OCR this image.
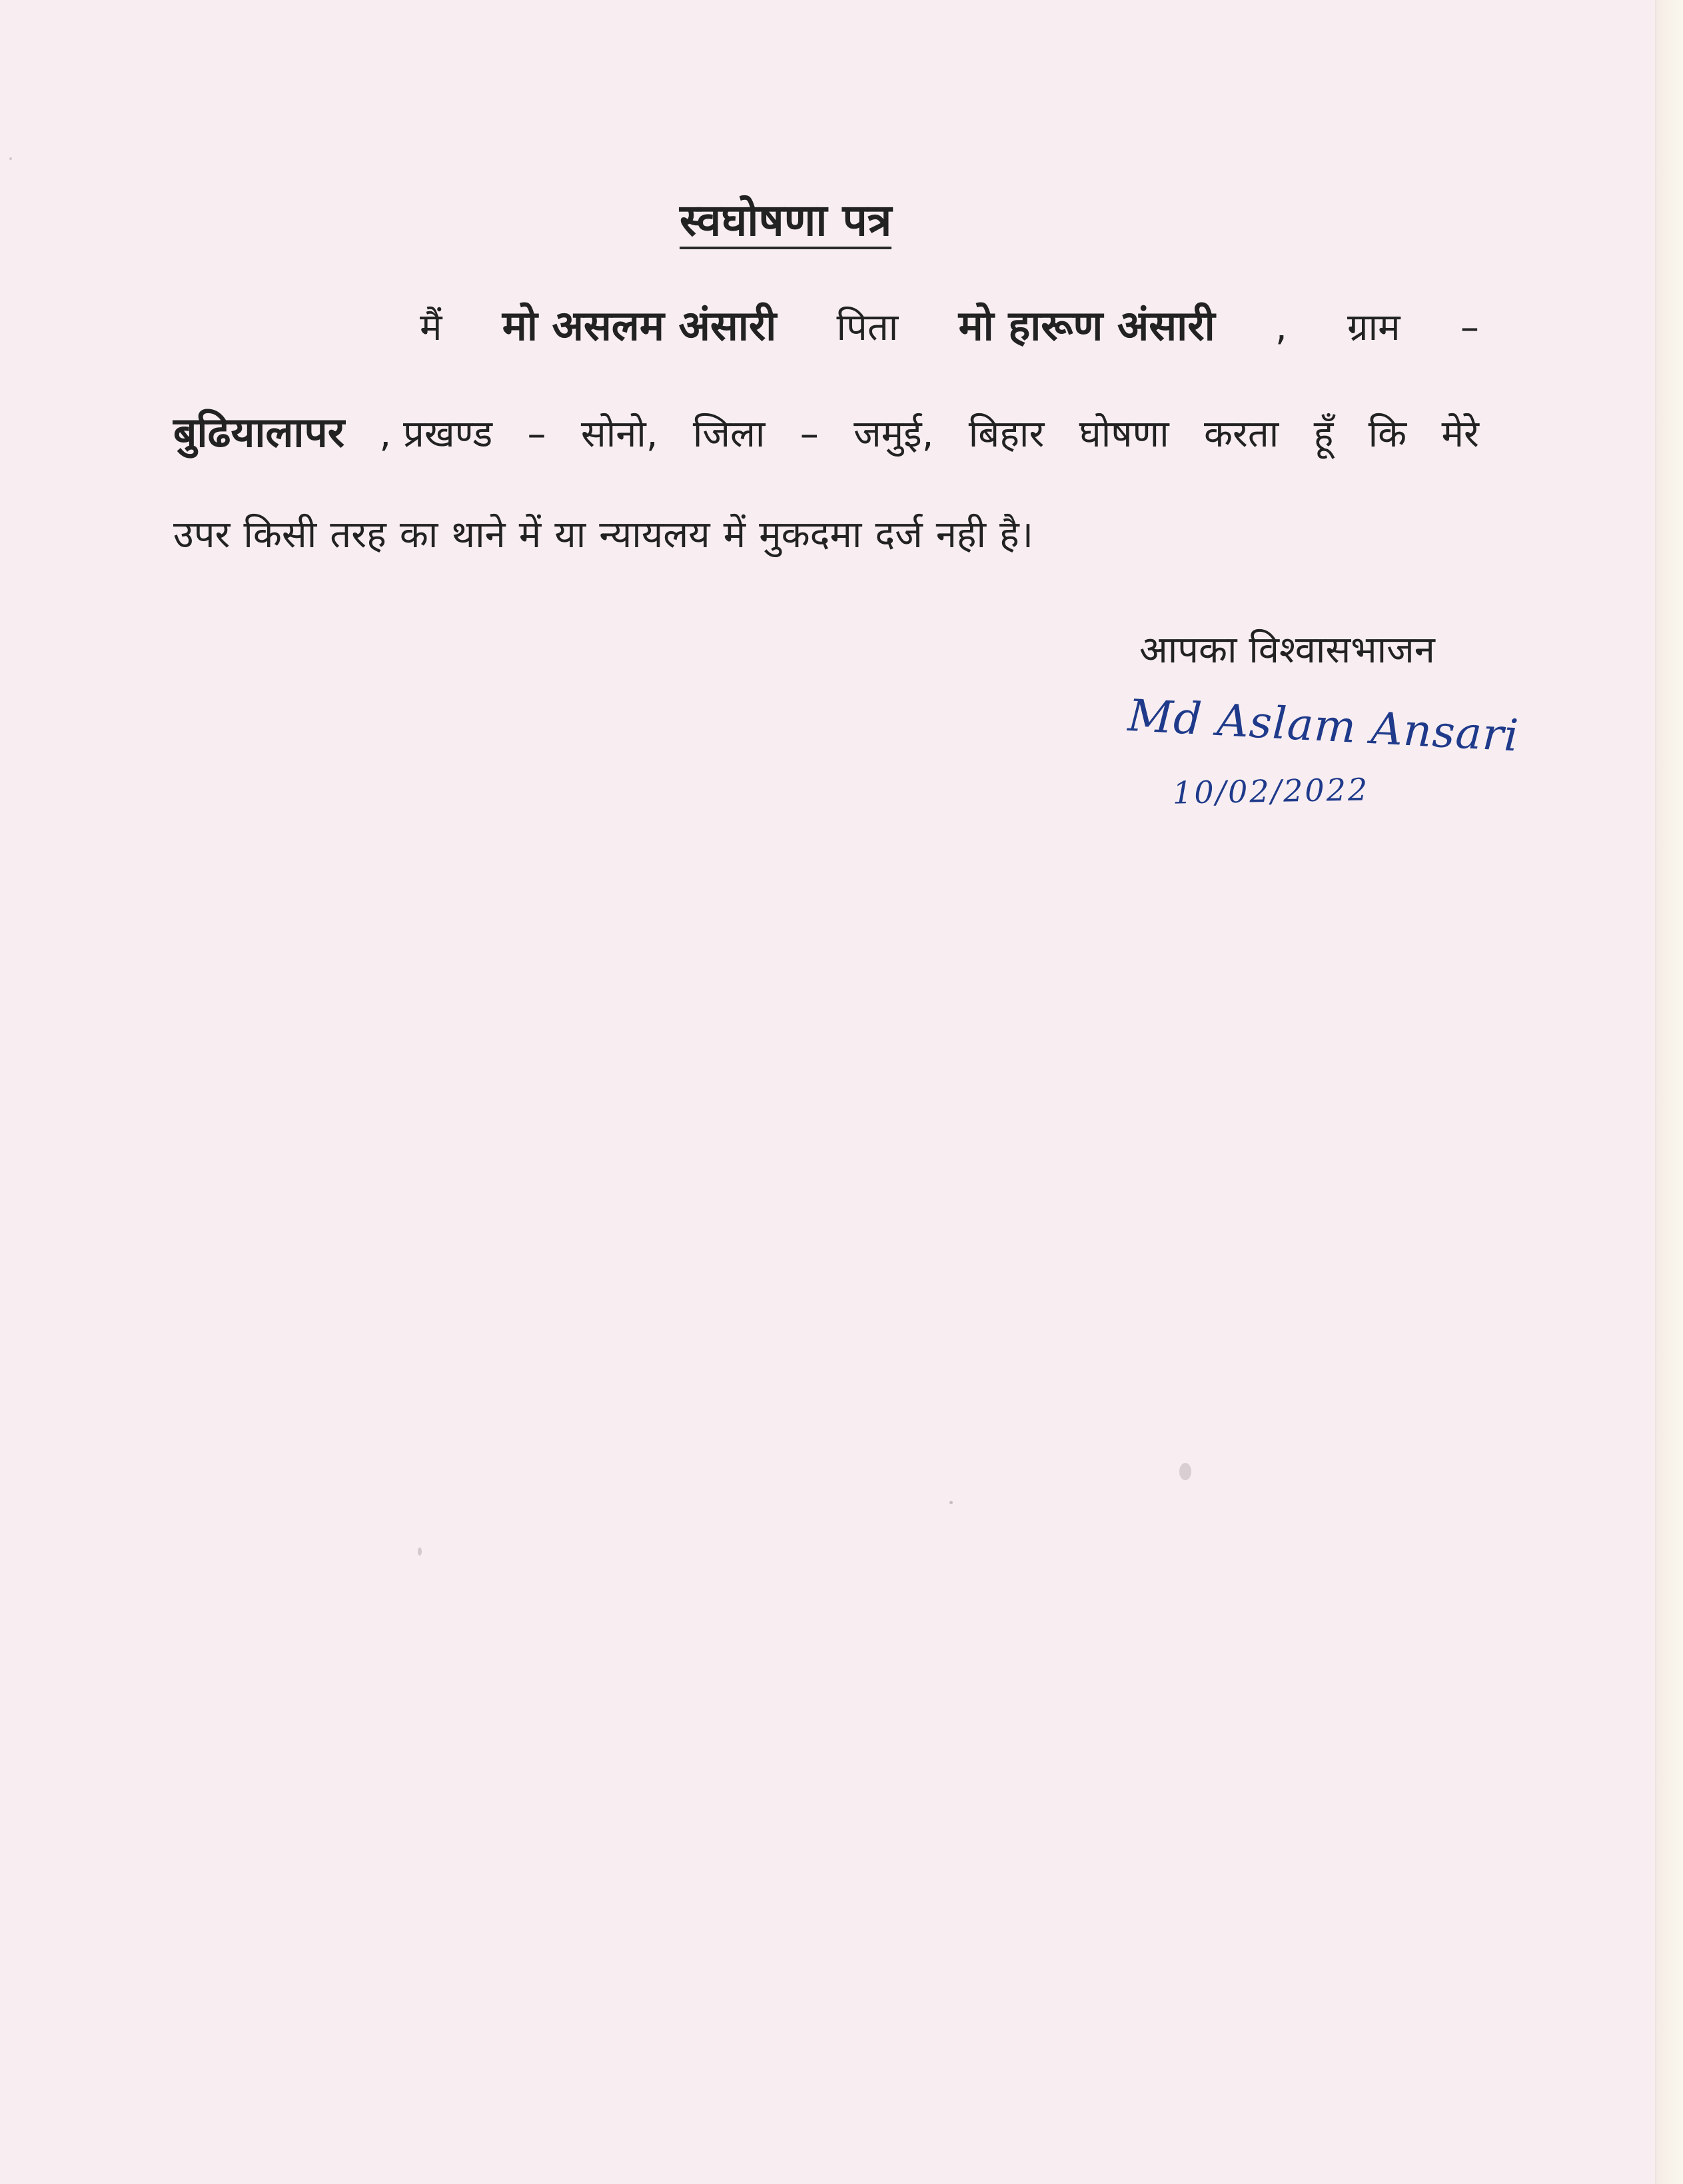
स्वघोषणा पत्र
मैं मो असलम अंसारी पिता मो हारूण अंसारी , ग्राम –
बुढियालापर , प्रखण्ड – सोनो, जिला – जमुई, बिहार घोषणा करता हूँ कि मेरे
उपर किसी तरह का थाने में या न्यायलय में मुकदमा दर्ज नही है।
आपका विश्वासभाजन
Md Aslam Ansari
10/02/2022
